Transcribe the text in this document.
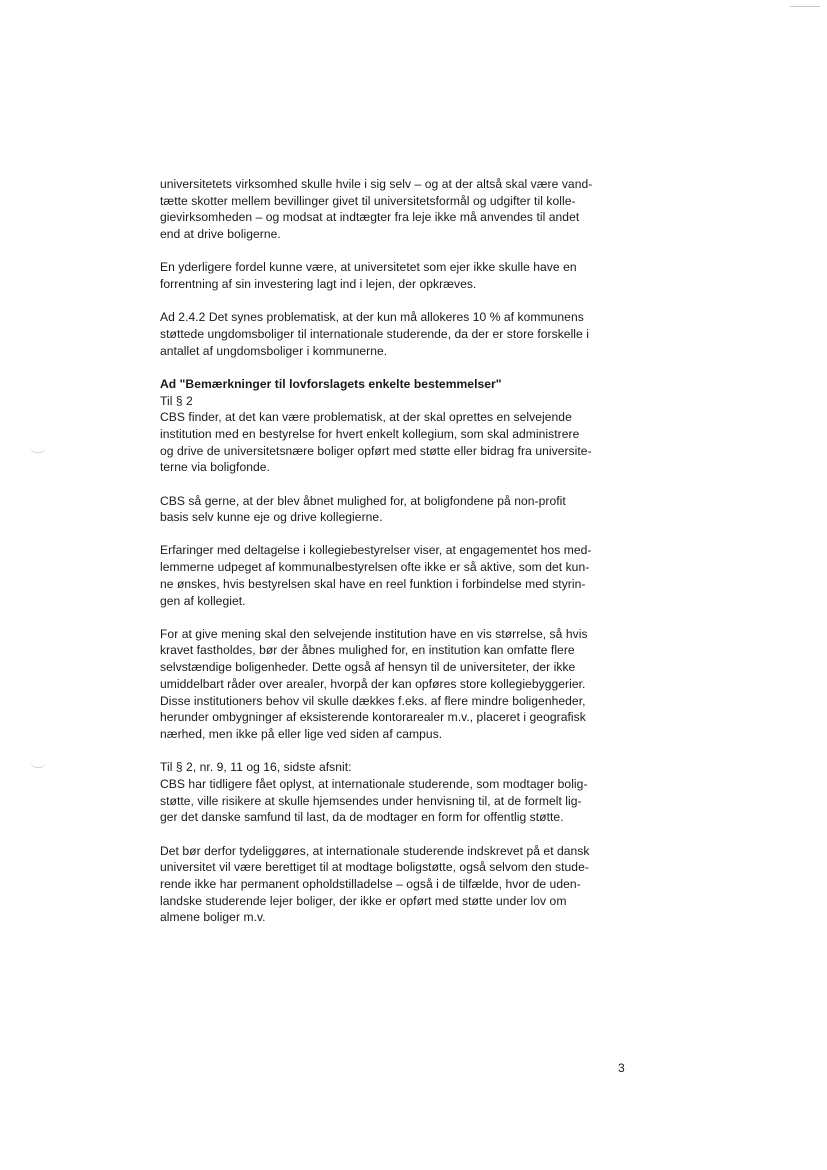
universitetets virksomhed skulle hvile i sig selv – og at der altså skal være vand-
tætte skotter mellem bevillinger givet til universitetsformål og udgifter til kolle-
gievirksomheden – og modsat at indtægter fra leje ikke må anvendes til andet
end at drive boligerne.
En yderligere fordel kunne være, at universitetet som ejer ikke skulle have en
forrentning af sin investering lagt ind i lejen, der opkræves.
Ad 2.4.2 Det synes problematisk, at der kun må allokeres 10 % af kommunens
støttede ungdomsboliger til internationale studerende, da der er store forskelle i
antallet af ungdomsboliger i kommunerne.
Ad "Bemærkninger til lovforslagets enkelte bestemmelser"
Til § 2
CBS finder, at det kan være problematisk, at der skal oprettes en selvejende
institution med en bestyrelse for hvert enkelt kollegium, som skal administrere
og drive de universitetsnære boliger opført med støtte eller bidrag fra universite-
terne via boligfonde.
CBS så gerne, at der blev åbnet mulighed for, at boligfondene på non-profit
basis selv kunne eje og drive kollegierne.
Erfaringer med deltagelse i kollegiebestyrelser viser, at engagementet hos med-
lemmerne udpeget af kommunalbestyrelsen ofte ikke er så aktive, som det kun-
ne ønskes, hvis bestyrelsen skal have en reel funktion i forbindelse med styrin-
gen af kollegiet.
For at give mening skal den selvejende institution have en vis størrelse, så hvis
kravet fastholdes, bør der åbnes mulighed for, en institution kan omfatte flere
selvstændige boligenheder. Dette også af hensyn til de universiteter, der ikke
umiddelbart råder over arealer, hvorpå der kan opføres store kollegiebyggerier.
Disse institutioners behov vil skulle dækkes f.eks. af flere mindre boligenheder,
herunder ombygninger af eksisterende kontorarealer m.v., placeret i geografisk
nærhed, men ikke på eller lige ved siden af campus.
Til § 2, nr. 9, 11 og 16, sidste afsnit:
CBS har tidligere fået oplyst, at internationale studerende, som modtager bolig-
støtte, ville risikere at skulle hjemsendes under henvisning til, at de formelt lig-
ger det danske samfund til last, da de modtager en form for offentlig støtte.
Det bør derfor tydeliggøres, at internationale studerende indskrevet på et dansk
universitet vil være berettiget til at modtage boligstøtte, også selvom den stude-
rende ikke har permanent opholdstilladelse – også i de tilfælde, hvor de uden-
landske studerende lejer boliger, der ikke er opført med støtte under lov om
almene boliger m.v.
3
